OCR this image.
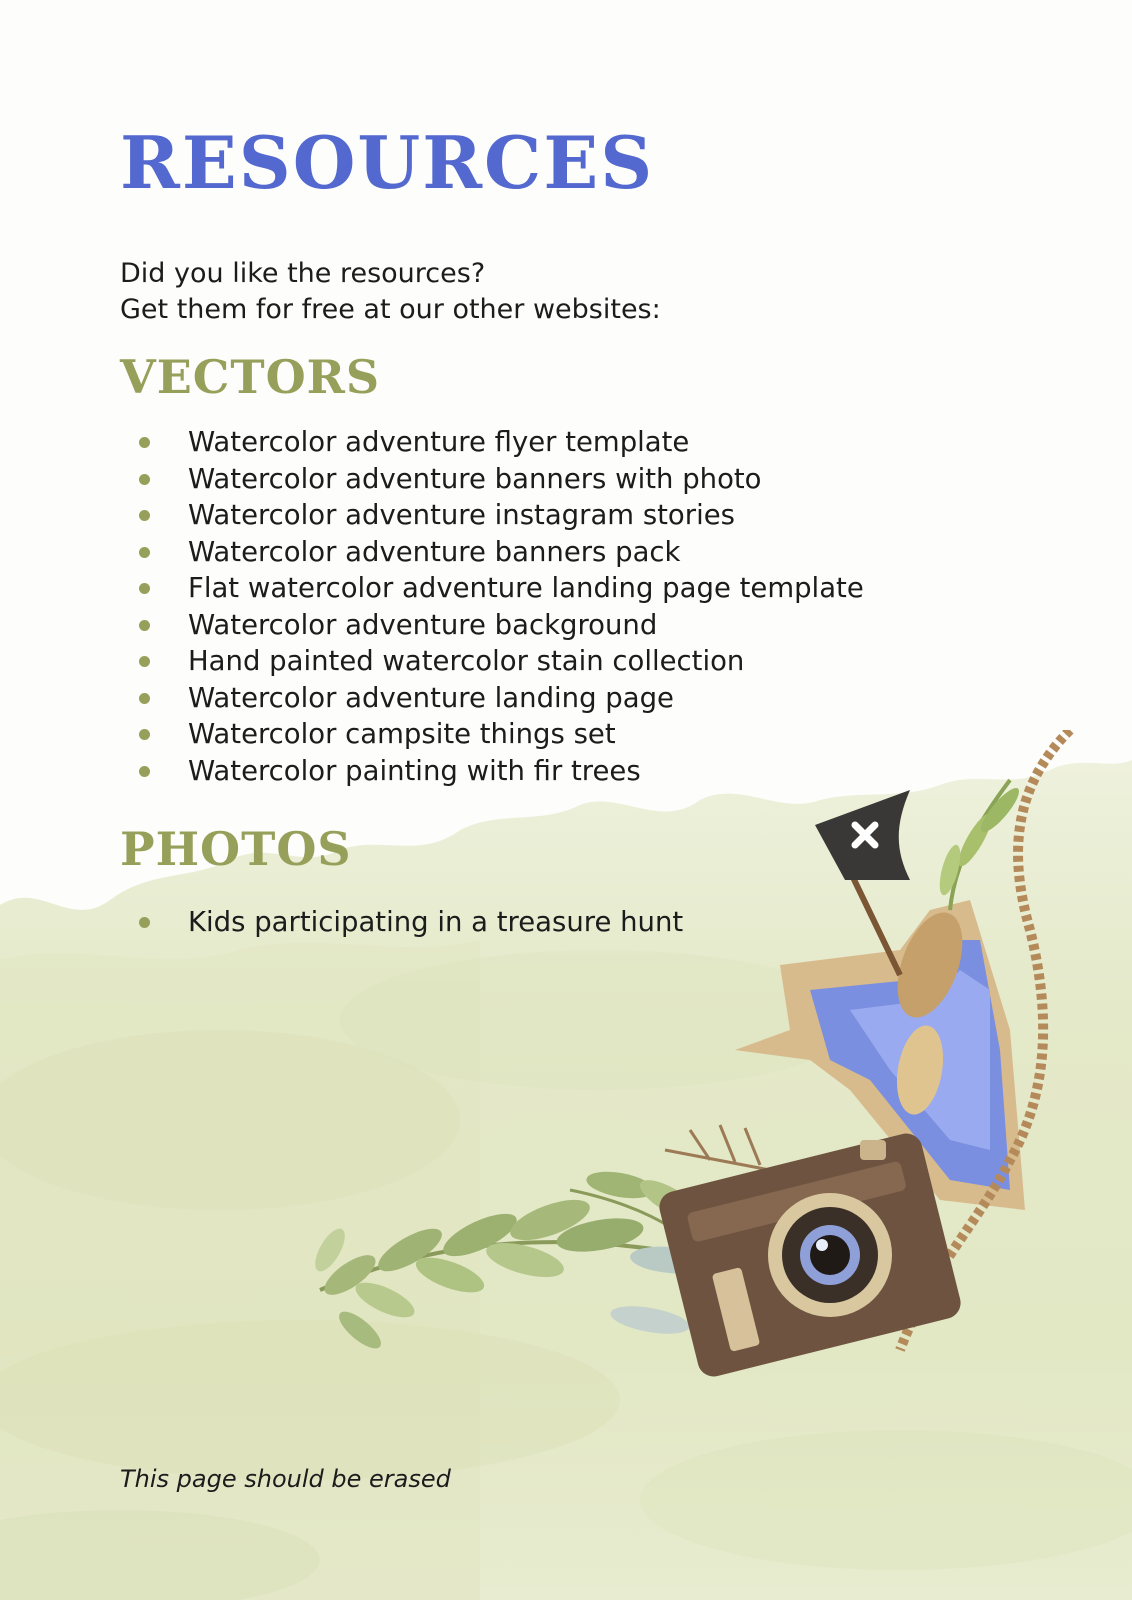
RESOURCES

Did you like the resources?
Get them for free at our other websites:

VECTORS
Watercolor adventure flyer template
Watercolor adventure banners with photo
Watercolor adventure instagram stories
Watercolor adventure banners pack
Flat watercolor adventure landing page template
Watercolor adventure background
Hand painted watercolor stain collection
Watercolor adventure landing page
Watercolor campsite things set
Watercolor painting with fir trees
PHOTOS
Kids participating in a treasure hunt

This page should be erased
